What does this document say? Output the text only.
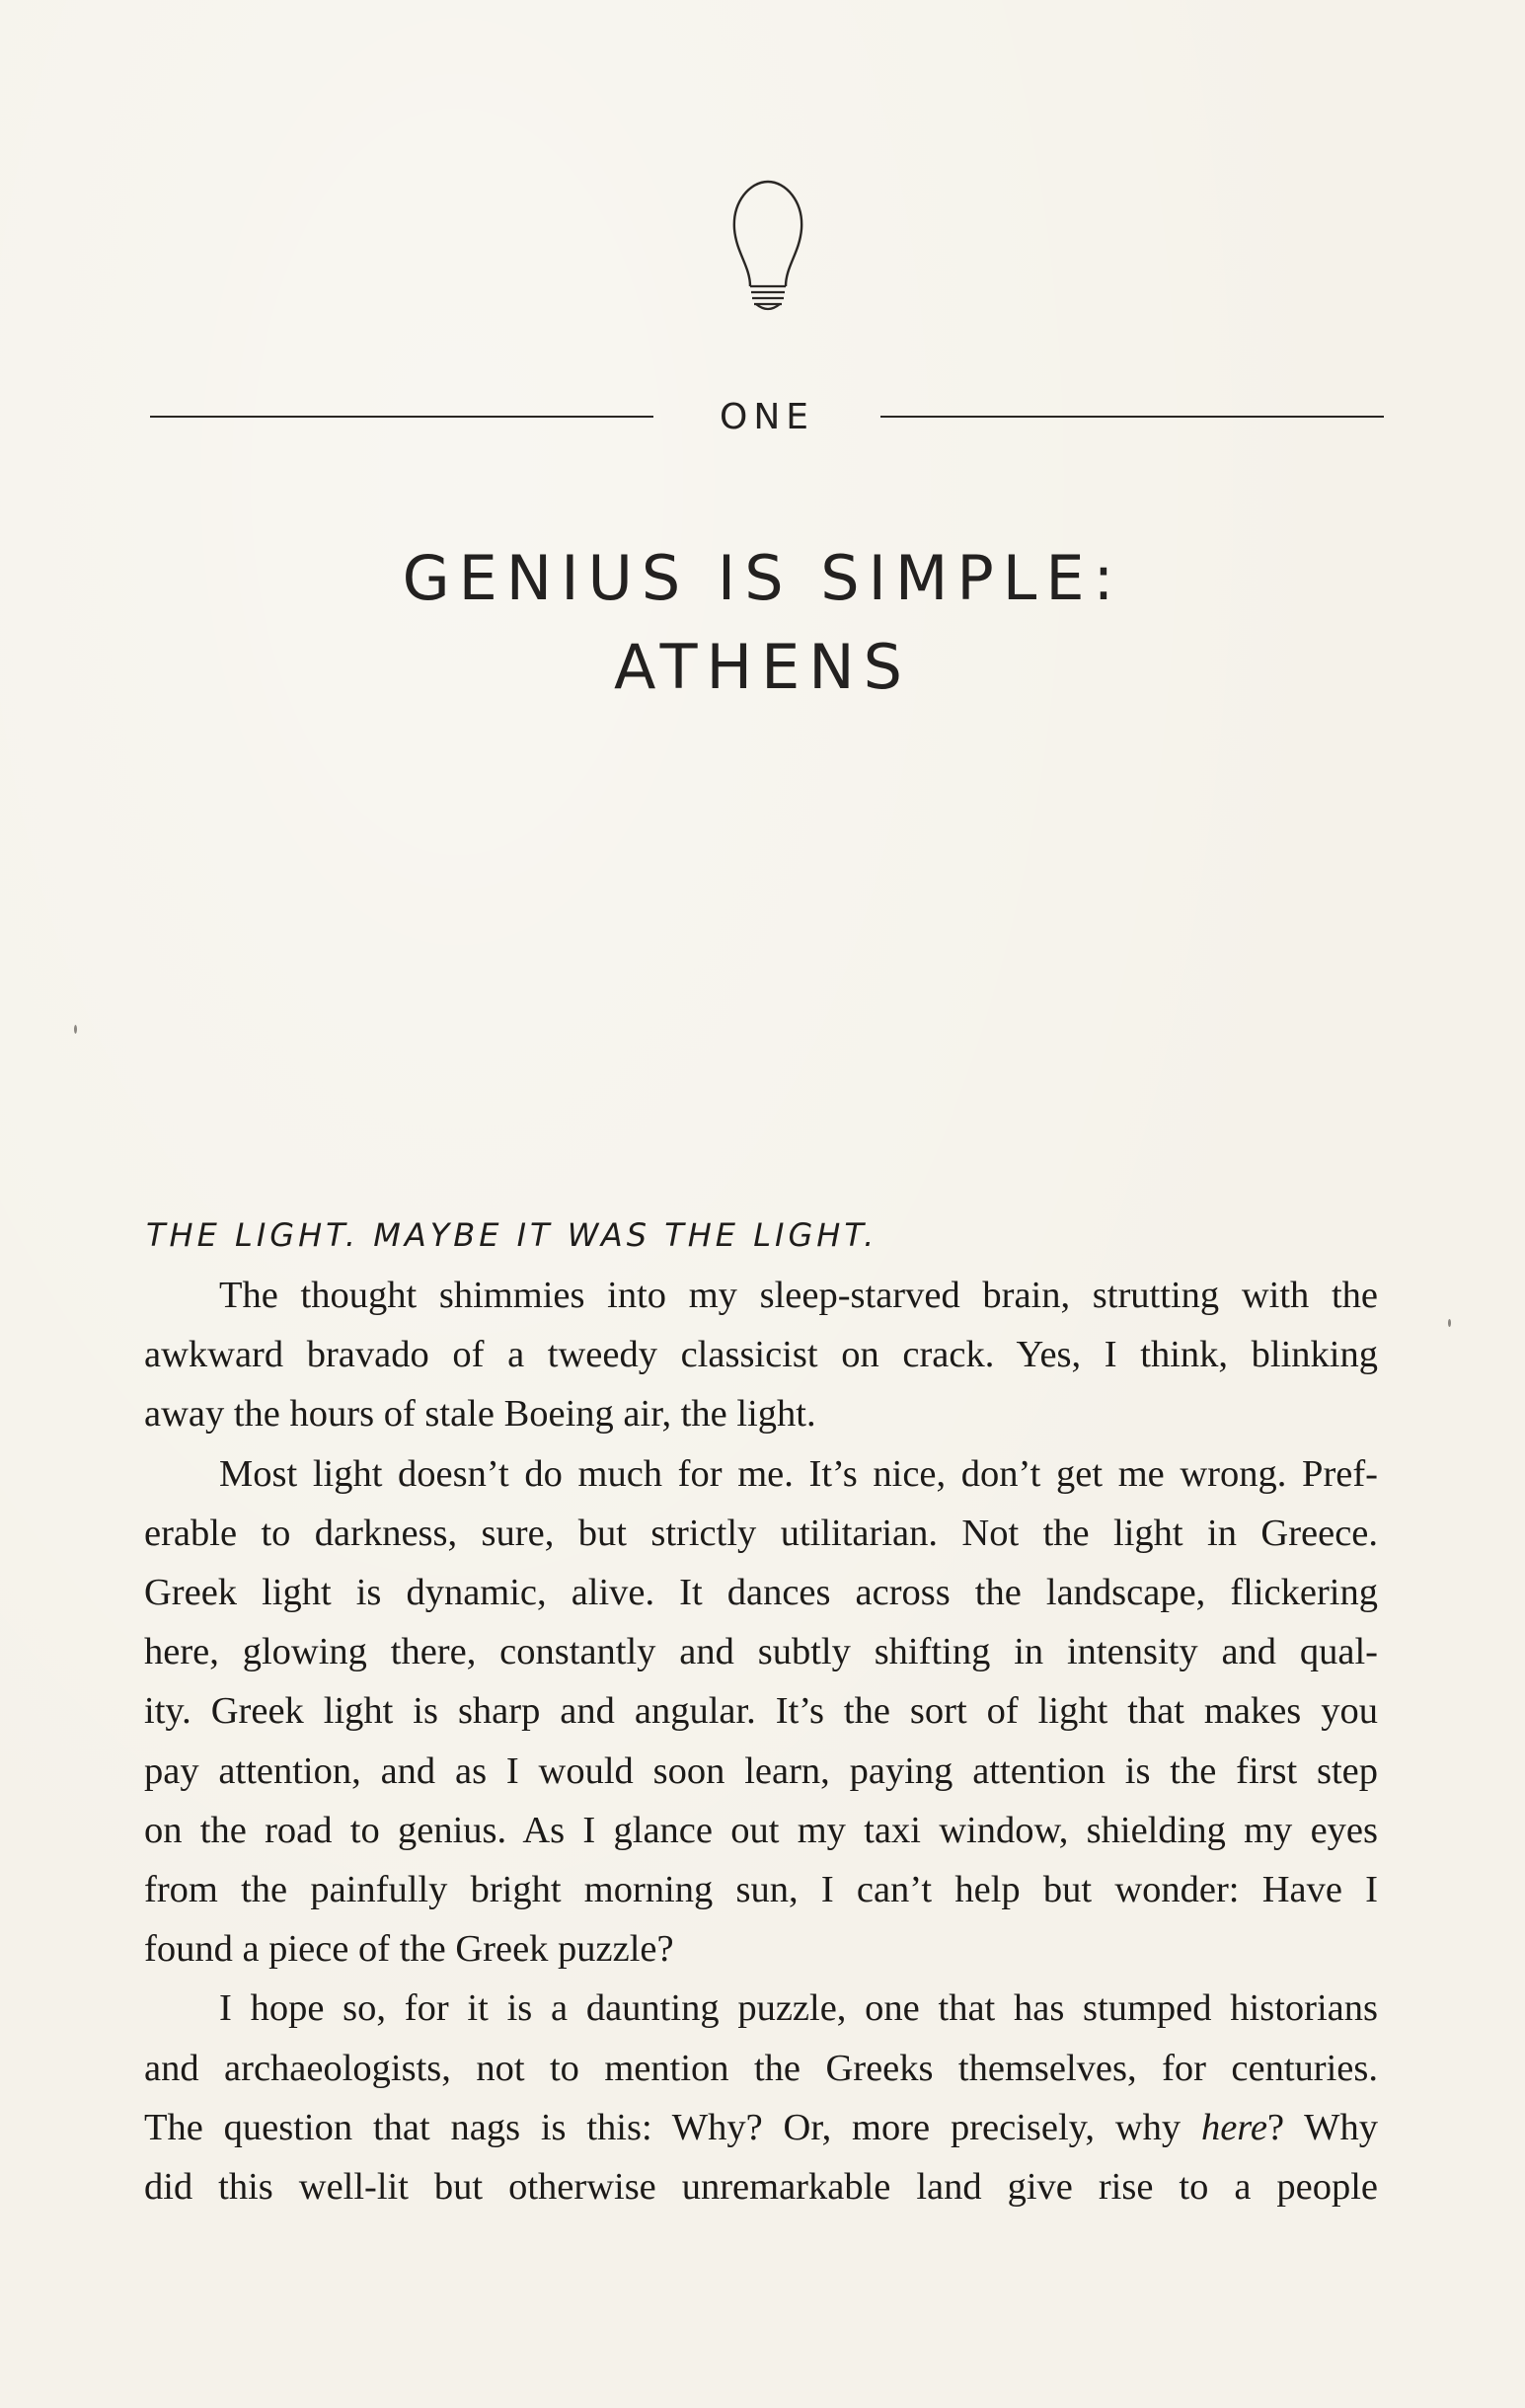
ONE
GENIUS IS SIMPLE:
ATHENS
THE LIGHT. MAYBE IT WAS THE LIGHT.
The thought shimmies into my sleep-starved brain, strutting with the
awkward bravado of a tweedy classicist on crack. Yes, I think, blinking
away the hours of stale Boeing air, the light.
Most light doesn’t do much for me. It’s nice, don’t get me wrong. Pref-
erable to darkness, sure, but strictly utilitarian. Not the light in Greece.
Greek light is dynamic, alive. It dances across the landscape, flickering
here, glowing there, constantly and subtly shifting in intensity and qual-
ity. Greek light is sharp and angular. It’s the sort of light that makes you
pay attention, and as I would soon learn, paying attention is the first step
on the road to genius. As I glance out my taxi window, shielding my eyes
from the painfully bright morning sun, I can’t help but wonder: Have I
found a piece of the Greek puzzle?
I hope so, for it is a daunting puzzle, one that has stumped historians
and archaeologists, not to mention the Greeks themselves, for centuries.
The question that nags is this: Why? Or, more precisely, why here? Why
did this well-lit but otherwise unremarkable land give rise to a people
